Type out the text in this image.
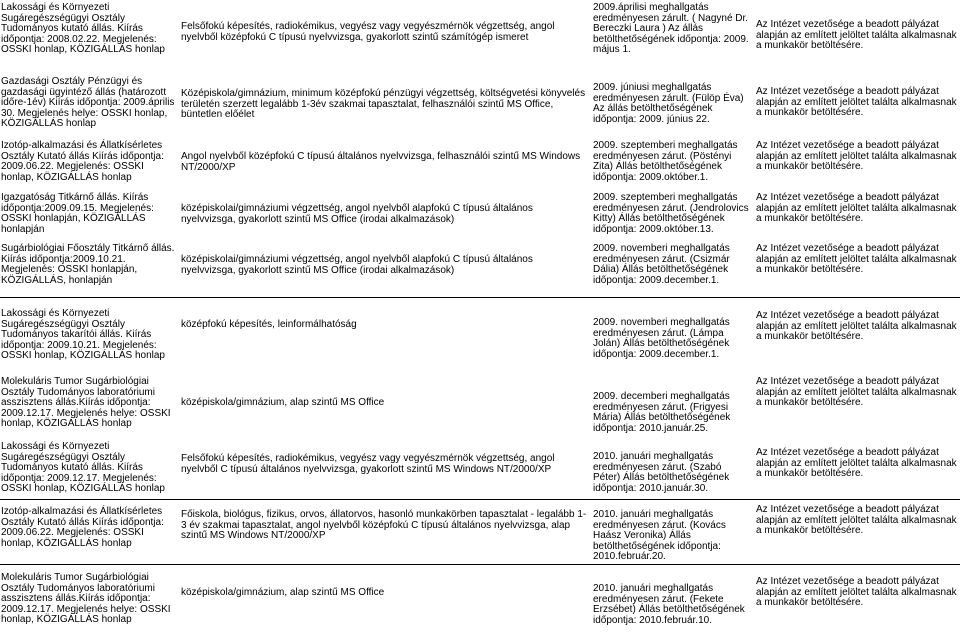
Lakossági és Környezeti Sugáregészségügyi Osztály Tudományos kutató állás. Kiírás időpontja: 2008.02.22. Megjelenés: OSSKI honlap, KÖZIGÁLLÁS honlap
Felsőfokú képesítés, radiokémikus, vegyész vagy vegyészmérnök végzettség, angol nyelvből középfokú C típusú nyelvvizsga, gyakorlott szintű számítógép ismeret
2009.áprilisi meghallgatás eredményesen zárult. ( Nagyné Dr. Bereczki Laura ) Az állás betölthetőségének időpontja: 2009. május 1.
Az Intézet vezetősége a beadott pályázat alapján az említett jelöltet találta alkalmasnak a munkakör betöltésére.
Gazdasági Osztály Pénzügyi és gazdasági ügyintéző állás (határozott időre-1év) Kiírás időpontja: 2009.április 30. Megjelenés helye: OSSKI honlap, KÖZIGÁLLÁS honlap
Középiskola/gimnázium, minimum középfokú pénzügyi végzettség, költségvetési könyvelés területén szerzett legalább 1-3év szakmai tapasztalat, felhasználói szintű MS Office, büntetlen előélet
2009. júniusi meghallgatás eredményesen zárult. (Fülöp Éva) Az állás betölthetőségének időpontja: 2009. június 22.
Az Intézet vezetősége a beadott pályázat alapján az említett jelöltet találta alkalmasnak a munkakör betöltésére.
Izotóp-alkalmazási és Állatkísérletes Osztály Kutató állás Kiírás időpontja: 2009.06.22. Megjelenés: OSSKI honlap, KÖZIGÁLLÁS honlap
Angol nyelvből középfokú C típusú általános nyelvvizsga, felhasználói szintű MS Windows NT/2000/XP
2009. szeptemberi meghallgatás eredményesen zárut. (Pöstényi Zita) Állás betölthetőségének időpontja: 2009.október.1.
Az Intézet vezetősége a beadott pályázat alapján az említett jelöltet találta alkalmasnak a munkakör betöltésére.
Igazgatóság Titkárnő állás. Kiírás időpontja:2009.09.15. Megjelenés: OSSKI honlapján, KÖZIGÁLLÁS honlapján
középiskolai/gimnáziumi végzettség, angol nyelvből alapfokú C típusú általános nyelvvizsga, gyakorlott szintű MS Office (irodai alkalmazások)
2009. szeptemberi meghallgatás eredményesen zárut. (Jendrolovics Kitty) Állás betölthetőségének időpontja: 2009.október.13.
Az Intézet vezetősége a beadott pályázat alapján az említett jelöltet találta alkalmasnak a munkakör betöltésére.
Sugárbiológiai Főosztály Titkárnő állás. Kiírás időpontja:2009.10.21. Megjelenés: OSSKI honlapján, KÖZIGÁLLÁS, honlapján
középiskolai/gimnáziumi végzettség, angol nyelvből alapfokú C típusú általános nyelvvizsga, gyakorlott szintű MS Office (irodai alkalmazások)
2009. novemberi meghallgatás eredményesen zárut. (Csizmár Dália) Állás betölthetőségének időpontja: 2009.december.1.
Az Intézet vezetősége a beadott pályázat alapján az említett jelöltet találta alkalmasnak a munkakör betöltésére.
Lakossági és Környezeti Sugáregészségügyi Osztály Tudományos takarítói állás. Kiírás időpontja: 2009.10.21. Megjelenés: OSSKI honlap, KÖZIGÁLLÁS honlap
középfokú képesítés, leinformálhatóság	2009. novemberi meghallgatás eredményesen zárut. (Lámpa Jolán) Állás betölthetőségének időpontja: 2009.december.1.
Az Intézet vezetősége a beadott pályázat alapján az említett jelöltet találta alkalmasnak a munkakör betöltésére.
Molekuláris Tumor Sugárbiológiai Osztály Tudományos laboratóriumi asszisztens állás.Kiírás időpontja: 2009.12.17. Megjelenés helye: OSSKI honlap, KÖZIGÁLLÁS honlap
középiskola/gimnázium, alap szintű MS Office
2009. decemberi meghallgatás eredményesen zárut. (Frigyesi Mária) Állás betölthetőségének időpontja: 2010.január.25.
Az Intézet vezetősége a beadott pályázat alapján az említett jelöltet találta alkalmasnak a munkakör betöltésére.
Lakossági és Környezeti Sugáregészségügyi Osztály Tudományos kutató állás. Kiírás időpontja: 2009.12.17. Megjelenés: OSSKI honlap, KÖZIGÁLLÁS honlap
Felsőfokú képesítés, radiokémikus, vegyész vagy vegyészmérnök végzettség, angol nyelvből C típusú általános nyelvvizsga, gyakorlott szintű MS Windows NT/2000/XP
2010. januári meghallgatás eredményesen zárut. (Szabó Péter) Állás betölthetőségének időpontja: 2010.január.30.
Az Intézet vezetősége a beadott pályázat alapján az említett jelöltet találta alkalmasnak a munkakör betöltésére.
Izotóp-alkalmazási és Állatkísérletes Osztály Kutató állás Kiírás időpontja: 2009.06.22. Megjelenés: OSSKI honlap, KÖZIGÁLLÁS honlap
Főiskola, biológus, fizikus, orvos, állatorvos, hasonló munkakörben tapasztalat - legalább 1-3 év szakmai tapasztalat, angol nyelvből középfokú C típusú általános nyelvvizsga, alap szintű MS Windows NT/2000/XP
2010. januári meghallgatás eredményesen zárut. (Kovács Haász Veronika) Állás betölthetőségének időpontja: 2010.február.20.
Az Intézet vezetősége a beadott pályázat alapján az említett jelöltet találta alkalmasnak a munkakör betöltésére.
Molekuláris Tumor Sugárbiológiai Osztály Tudományos laboratóriumi asszisztens állás.Kiírás időpontja: 2009.12.17. Megjelenés helye: OSSKI honlap, KÖZIGÁLLÁS honlap
középiskola/gimnázium, alap szintű MS Office	2010. januári meghallgatás eredményesen zárut. (Fekete Erzsébet) Állás betölthetőségének időpontja: 2010.február.10.
Az Intézet vezetősége a beadott pályázat alapján az említett jelöltet találta alkalmasnak a munkakör betöltésére.
